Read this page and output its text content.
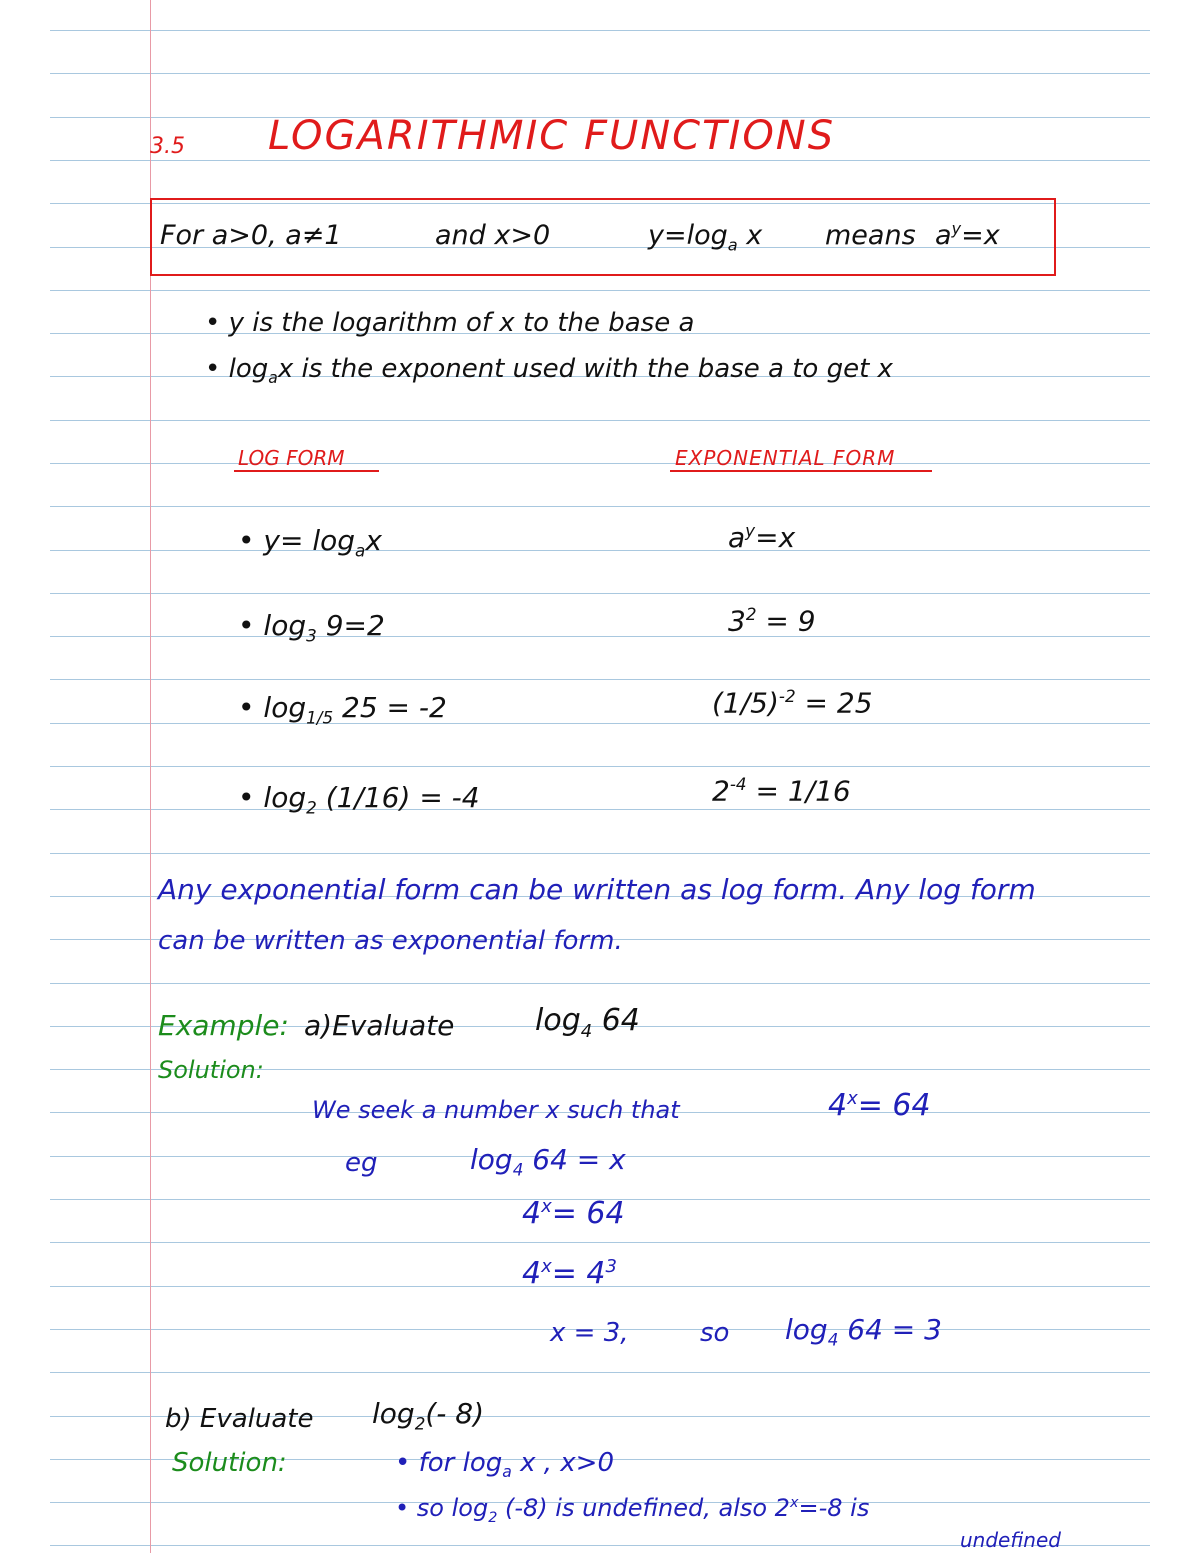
3.5 LOGARITHMIC FUNCTIONS
For a>0, a≠1	and x>0	$y=\log_a$ x means $a^y=x$
• y is the logarithm of x to the base a
• $\log_ax$ is the exponent used with the base a to get x
LOG FORM	EXPONENTIAL FORM
• $y= \log_ax$	$a^y=x$
• $\log_3 9=2$	$3^2 = 9$
• $\log_{1/5} 25 = -2$	$(1/5)^{-2} = 25$
• $\log_2 (1/16) = -4$	$2^{-4} = 1/16$
Any exponential form can be written as log form. Any log form
can be written as exponential form.
Example: a)Evaluate	$\log_4 64$
Solution:
We seek a number x such that	$4^x= 64$
eg	$\log_4 64 = x$
$4^x= 64$
$4^x= 4^3$
x = 3,	so $\log_4 64 = 3$
b) Evaluate $\log_2(-$ 8)
Solution:	• for $\log_a x$ , x>0
• so $\log_2 (-8)$ is undefined, also $2^x=-8$ is
undefined
